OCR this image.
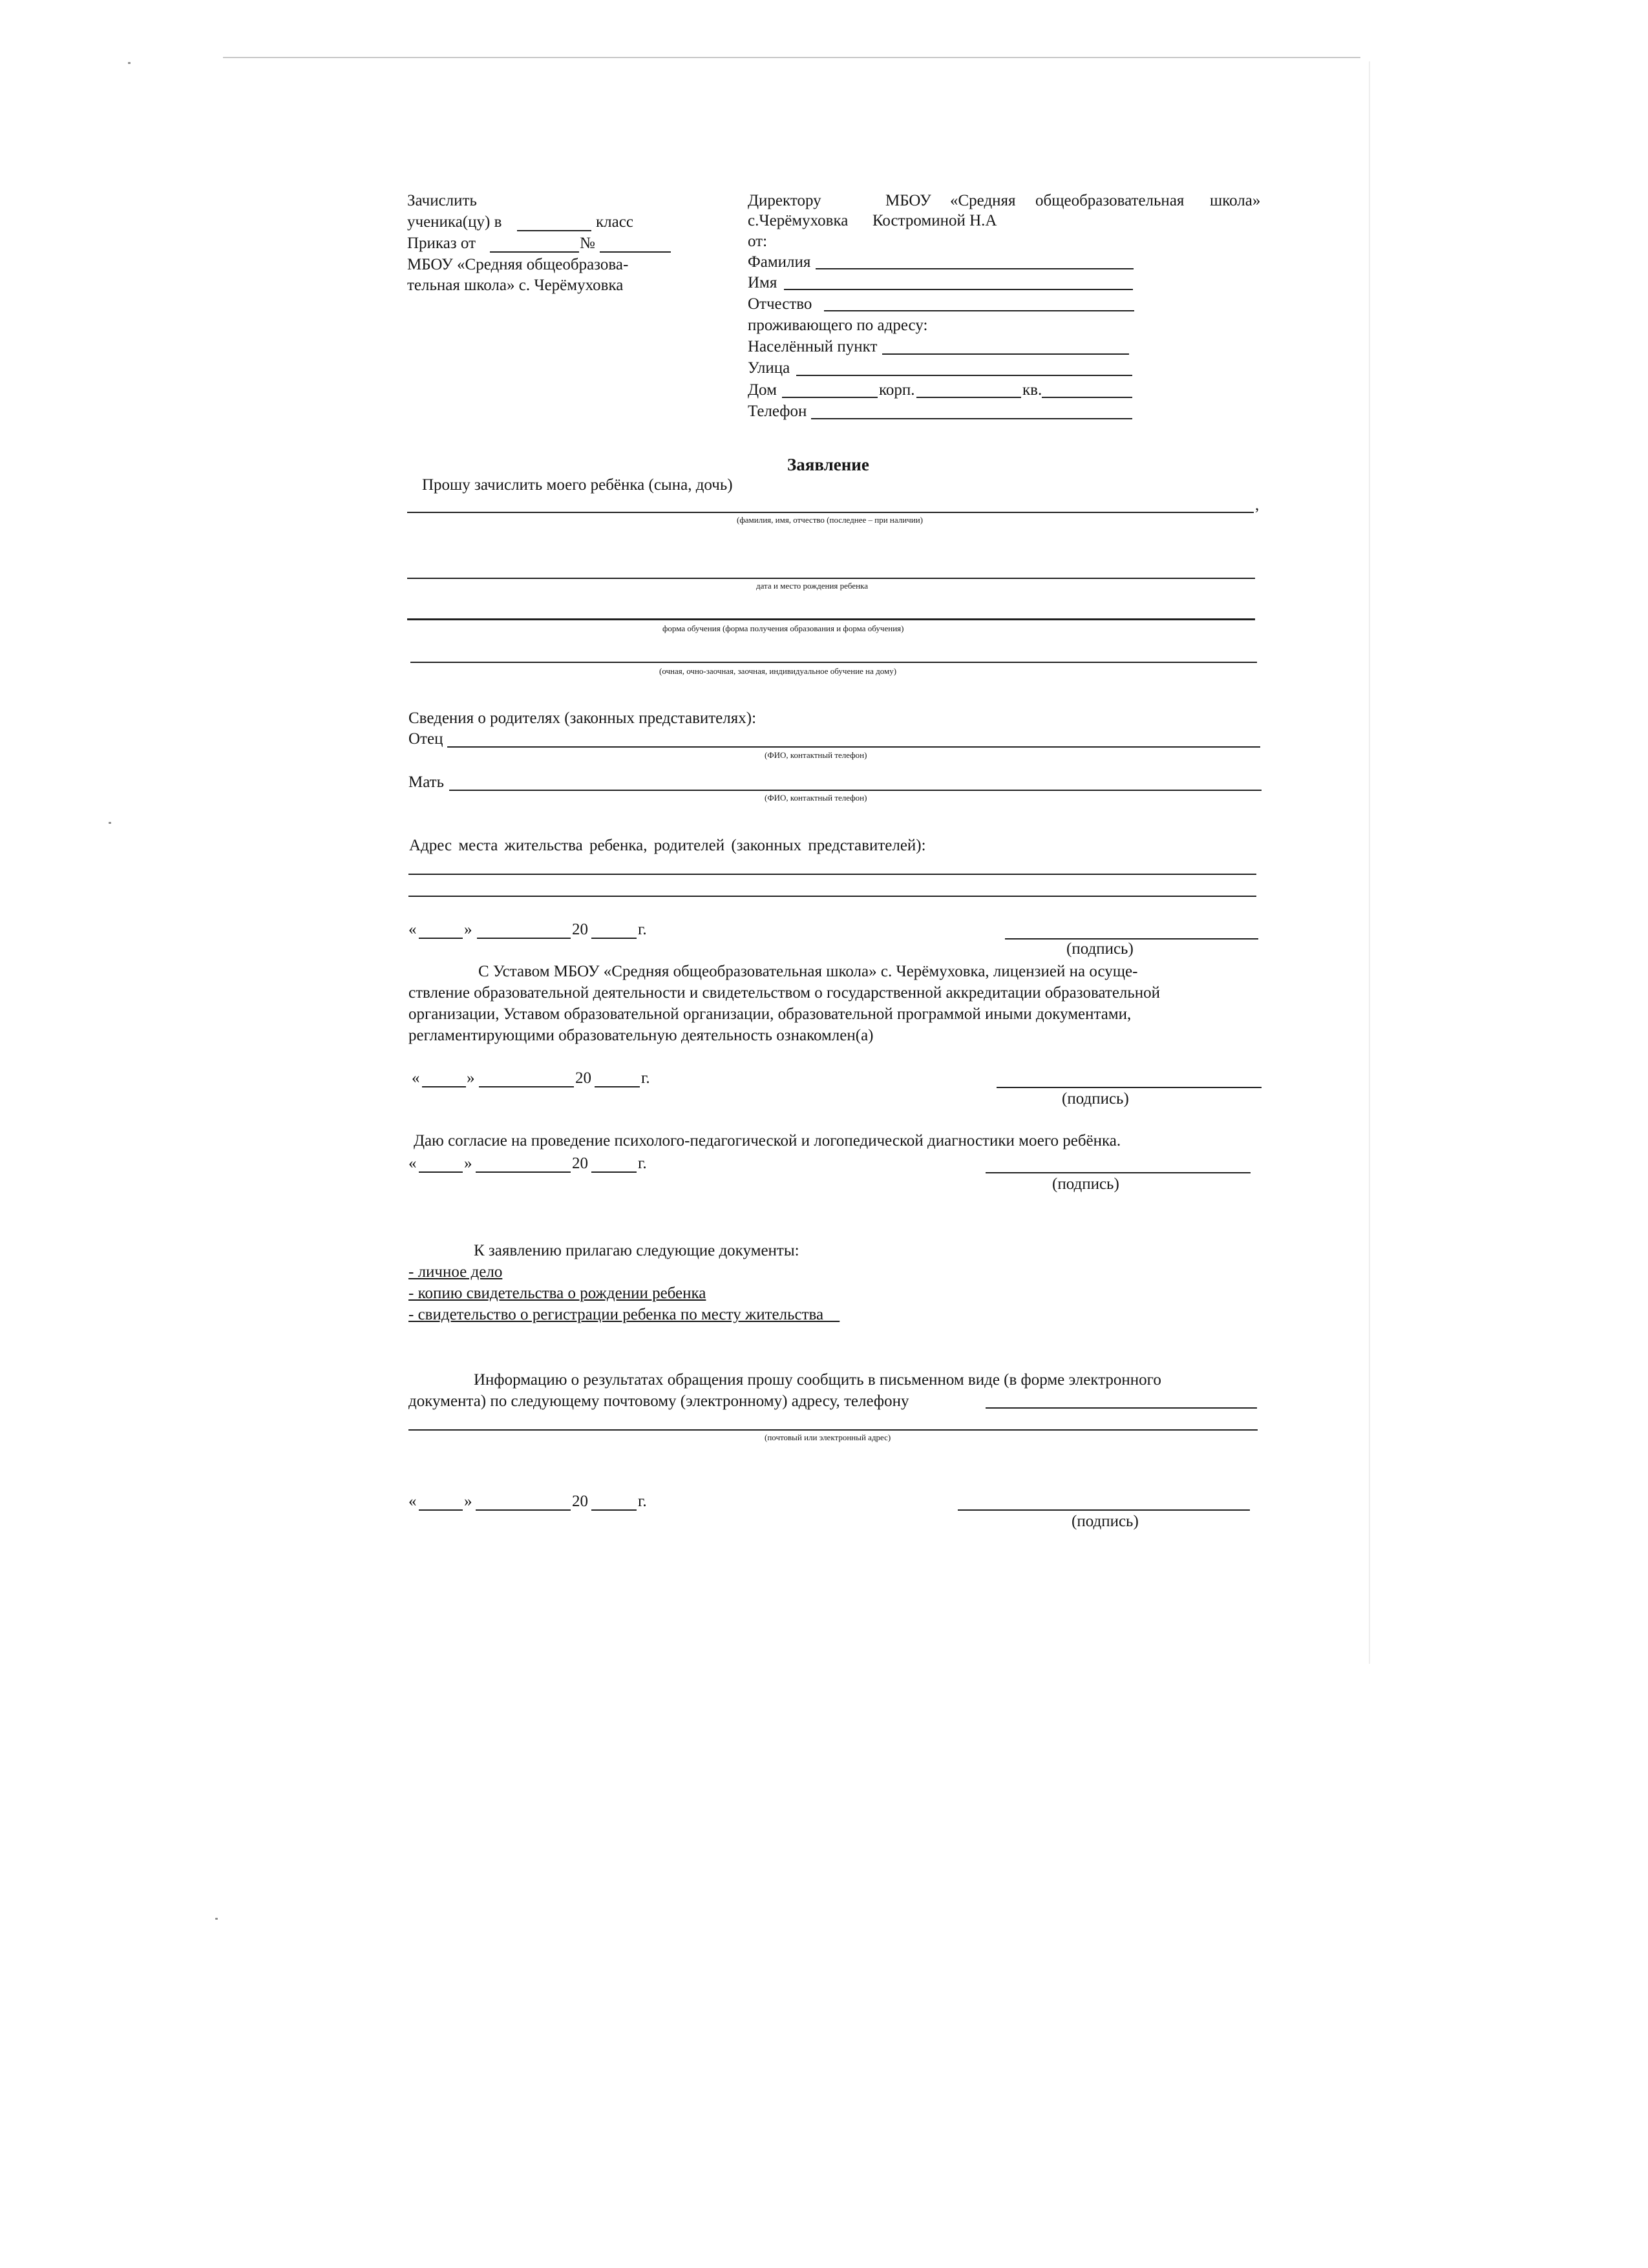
Зачислить
ученика(цу) в	класс
Приказ от	№
МБОУ «Средняя общеобразова-
тельная школа» с. Черёмуховка
Директору	МБОУ «Средняя общеобразовательная школа»
с.Черёмуховка Костроминой Н.А
от:
Фамилия
Имя
Отчество
проживающего по адресу:
Населённый пункт
Улица
Дом	корп.	кв.
Телефон
Заявление
Прошу зачислить моего ребёнка (сына, дочь)
,
(фамилия, имя, отчество (последнее – при наличии)
дата и место рождения ребенка
форма обучения (форма получения образования и форма обучения)
(очная, очно-заочная, заочная, индивидуальное обучение на дому)
Сведения о родителях (законных представителях):
Отец
(ФИО, контактный телефон)
Мать
(ФИО, контактный телефон)
Адрес места жительства ребенка, родителей (законных представителей):
«	»	20	г.
(подпись)
С Уставом МБОУ «Средняя общеобразовательная школа» с. Черёмуховка, лицензией на осуще-
ствление образовательной деятельности и свидетельством о государственной аккредитации образовательной
организации, Уставом образовательной организации, образовательной программой иными документами,
регламентирующими образовательную деятельность ознакомлен(а)
«	»	20	г.
(подпись)
Даю согласие на проведение психолого-педагогической и логопедической диагностики моего ребёнка.
«	»	20	г.
(подпись)
К заявлению прилагаю следующие документы:
- личное дело
- копию свидетельства о рождении ребенка
- свидетельство о регистрации ребенка по месту жительства__
Информацию о результатах обращения прошу сообщить в письменном виде (в форме электронного
документа) по следующему почтовому (электронному) адресу, телефону
(почтовый или электронный адрес)
«	»	20	г.
(подпись)
